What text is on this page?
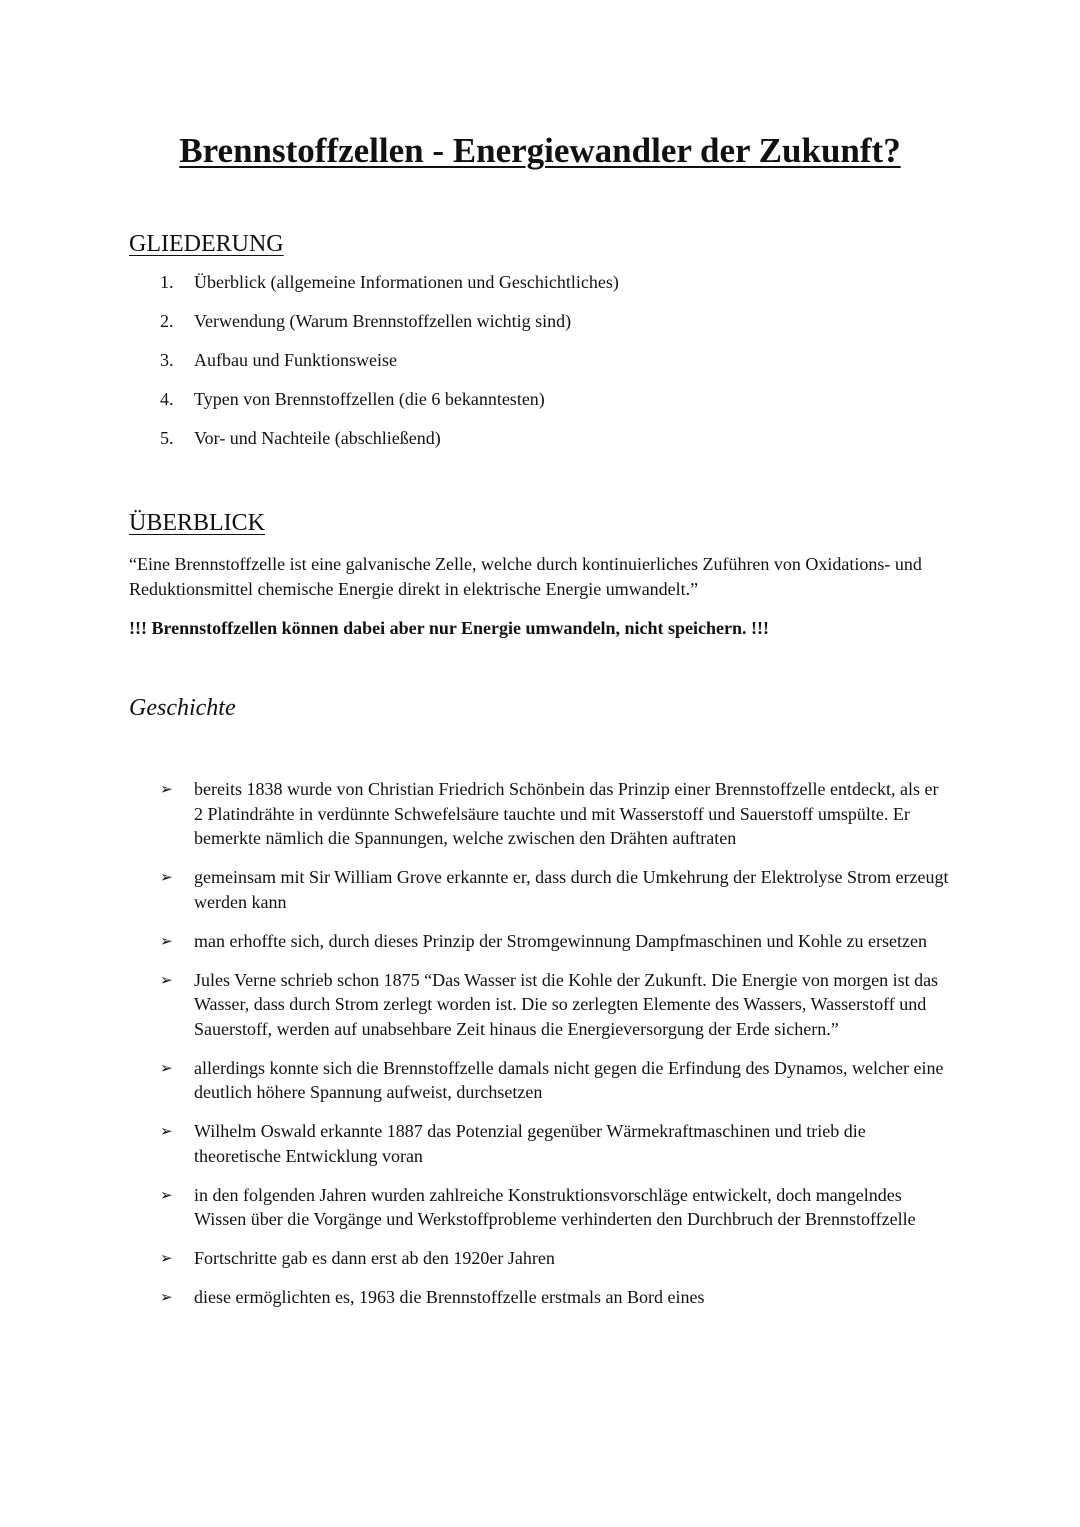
Brennstoffzellen - Energiewandler der Zukunft?
GLIEDERUNG
1.	Überblick (allgemeine Informationen und Geschichtliches)
2.	Verwendung (Warum Brennstoffzellen wichtig sind)
3.	Aufbau und Funktionsweise
4.	Typen von Brennstoffzellen (die 6 bekanntesten)
5.	Vor- und Nachteile (abschließend)
ÜBERBLICK

“Eine Brennstoffzelle ist eine galvanische Zelle, welche durch kontinuierliches Zuführen von Oxidations- und Reduktionsmittel chemische Energie direkt in elektrische Energie umwandelt.”

!!! Brennstoffzellen können dabei aber nur Energie umwandeln, nicht speichern. !!!

Geschichte
➢	bereits 1838 wurde von Christian Friedrich Schönbein das Prinzip einer Brennstoffzelle entdeckt, als er 2 Platindrähte in verdünnte Schwefelsäure tauchte und mit Wasserstoff und Sauerstoff umspülte. Er bemerkte nämlich die Spannungen, welche zwischen den Drähten auftraten
➢	gemeinsam mit Sir William Grove erkannte er, dass durch die Umkehrung der Elektrolyse Strom erzeugt werden kann
➢	man erhoffte sich, durch dieses Prinzip der Stromgewinnung Dampfmaschinen und Kohle zu ersetzen
➢	Jules Verne schrieb schon 1875 “Das Wasser ist die Kohle der Zukunft. Die Energie von morgen ist das Wasser, dass durch Strom zerlegt worden ist. Die so zerlegten Elemente des Wassers, Wasserstoff und Sauerstoff, werden auf unabsehbare Zeit hinaus die Energieversorgung der Erde sichern.”
➢	allerdings konnte sich die Brennstoffzelle damals nicht gegen die Erfindung des Dynamos, welcher eine deutlich höhere Spannung aufweist, durchsetzen
➢	Wilhelm Oswald erkannte 1887 das Potenzial gegenüber Wärmekraftmaschinen und trieb die theoretische Entwicklung voran
➢	in den folgenden Jahren wurden zahlreiche Konstruktionsvorschläge entwickelt, doch mangelndes Wissen über die Vorgänge und Werkstoffprobleme verhinderten den Durchbruch der Brennstoffzelle
➢	Fortschritte gab es dann erst ab den 1920er Jahren
➢	diese ermöglichten es, 1963 die Brennstoffzelle erstmals an Bord eines
